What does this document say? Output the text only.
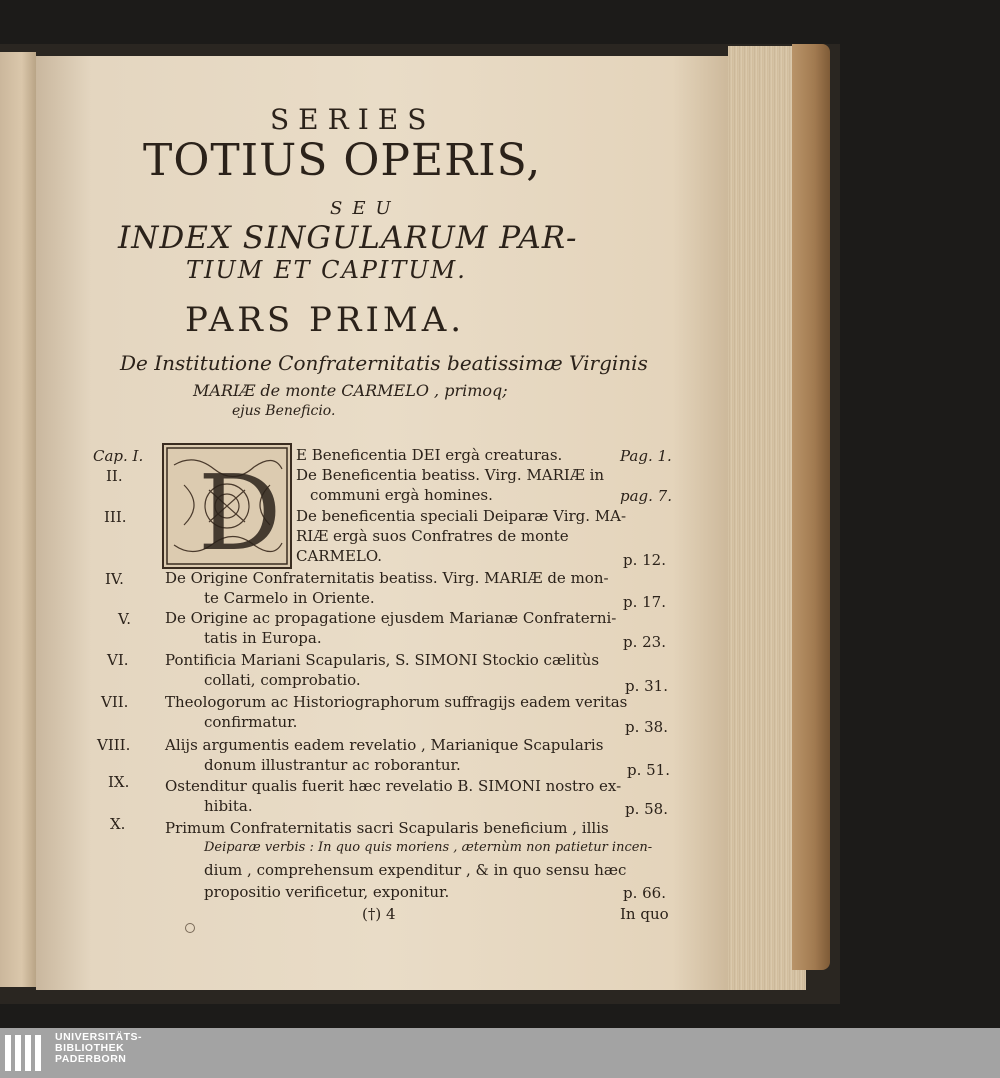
SERIES
TOTIUS OPERIS,
SEU
INDEX SINGULARUM PAR-
TIUM ET CAPITUM.
PARS PRIMA.
De Institutione Confraternitatis beatissimæ Virginis
MARIÆ de monte CARMELO , primoq;
ejus Beneficio.
D
Cap. I.	E Beneficentia DEI ergà creaturas.	Pag. 1.
II.	De Beneficentia beatiss. Virg. MARIÆ in
communi ergà homines.	pag. 7.
III.	De beneficentia speciali Deiparæ Virg. MA-
RIÆ ergà suos Confratres de monte
CARMELO.	p. 12.
IV.	De Origine Confraternitatis beatiss. Virg. MARIÆ de mon-
te Carmelo in Oriente.	p. 17.
V. De Origine ac propagatione ejusdem Marianæ Confraterni-
tatis in Europa.	p. 23.
VI. Pontificia Mariani Scapularis, S. SIMONI Stockio cælitùs
collati, comprobatio.	p. 31.
VII. Theologorum ac Historiographorum suffragijs eadem veritas
confirmatur.	p. 38.
VIII. Alijs argumentis eadem revelatio , Marianique Scapularis
donum illustrantur ac roborantur.	p. 51.
IX. Ostenditur qualis fuerit hæc revelatio B. SIMONI nostro ex-
hibita.	p. 58.
X.	Primum Confraternitatis sacri Scapularis beneficium , illis
Deiparæ verbis : In quo quis moriens , æternùm non patietur incen-
dium , comprehensum expenditur , & in quo sensu hæc
propositio verificetur, exponitur.	p. 66.
(†) 4	In quo
UNIVERSITÄTS-
BIBLIOTHEK
PADERBORN
